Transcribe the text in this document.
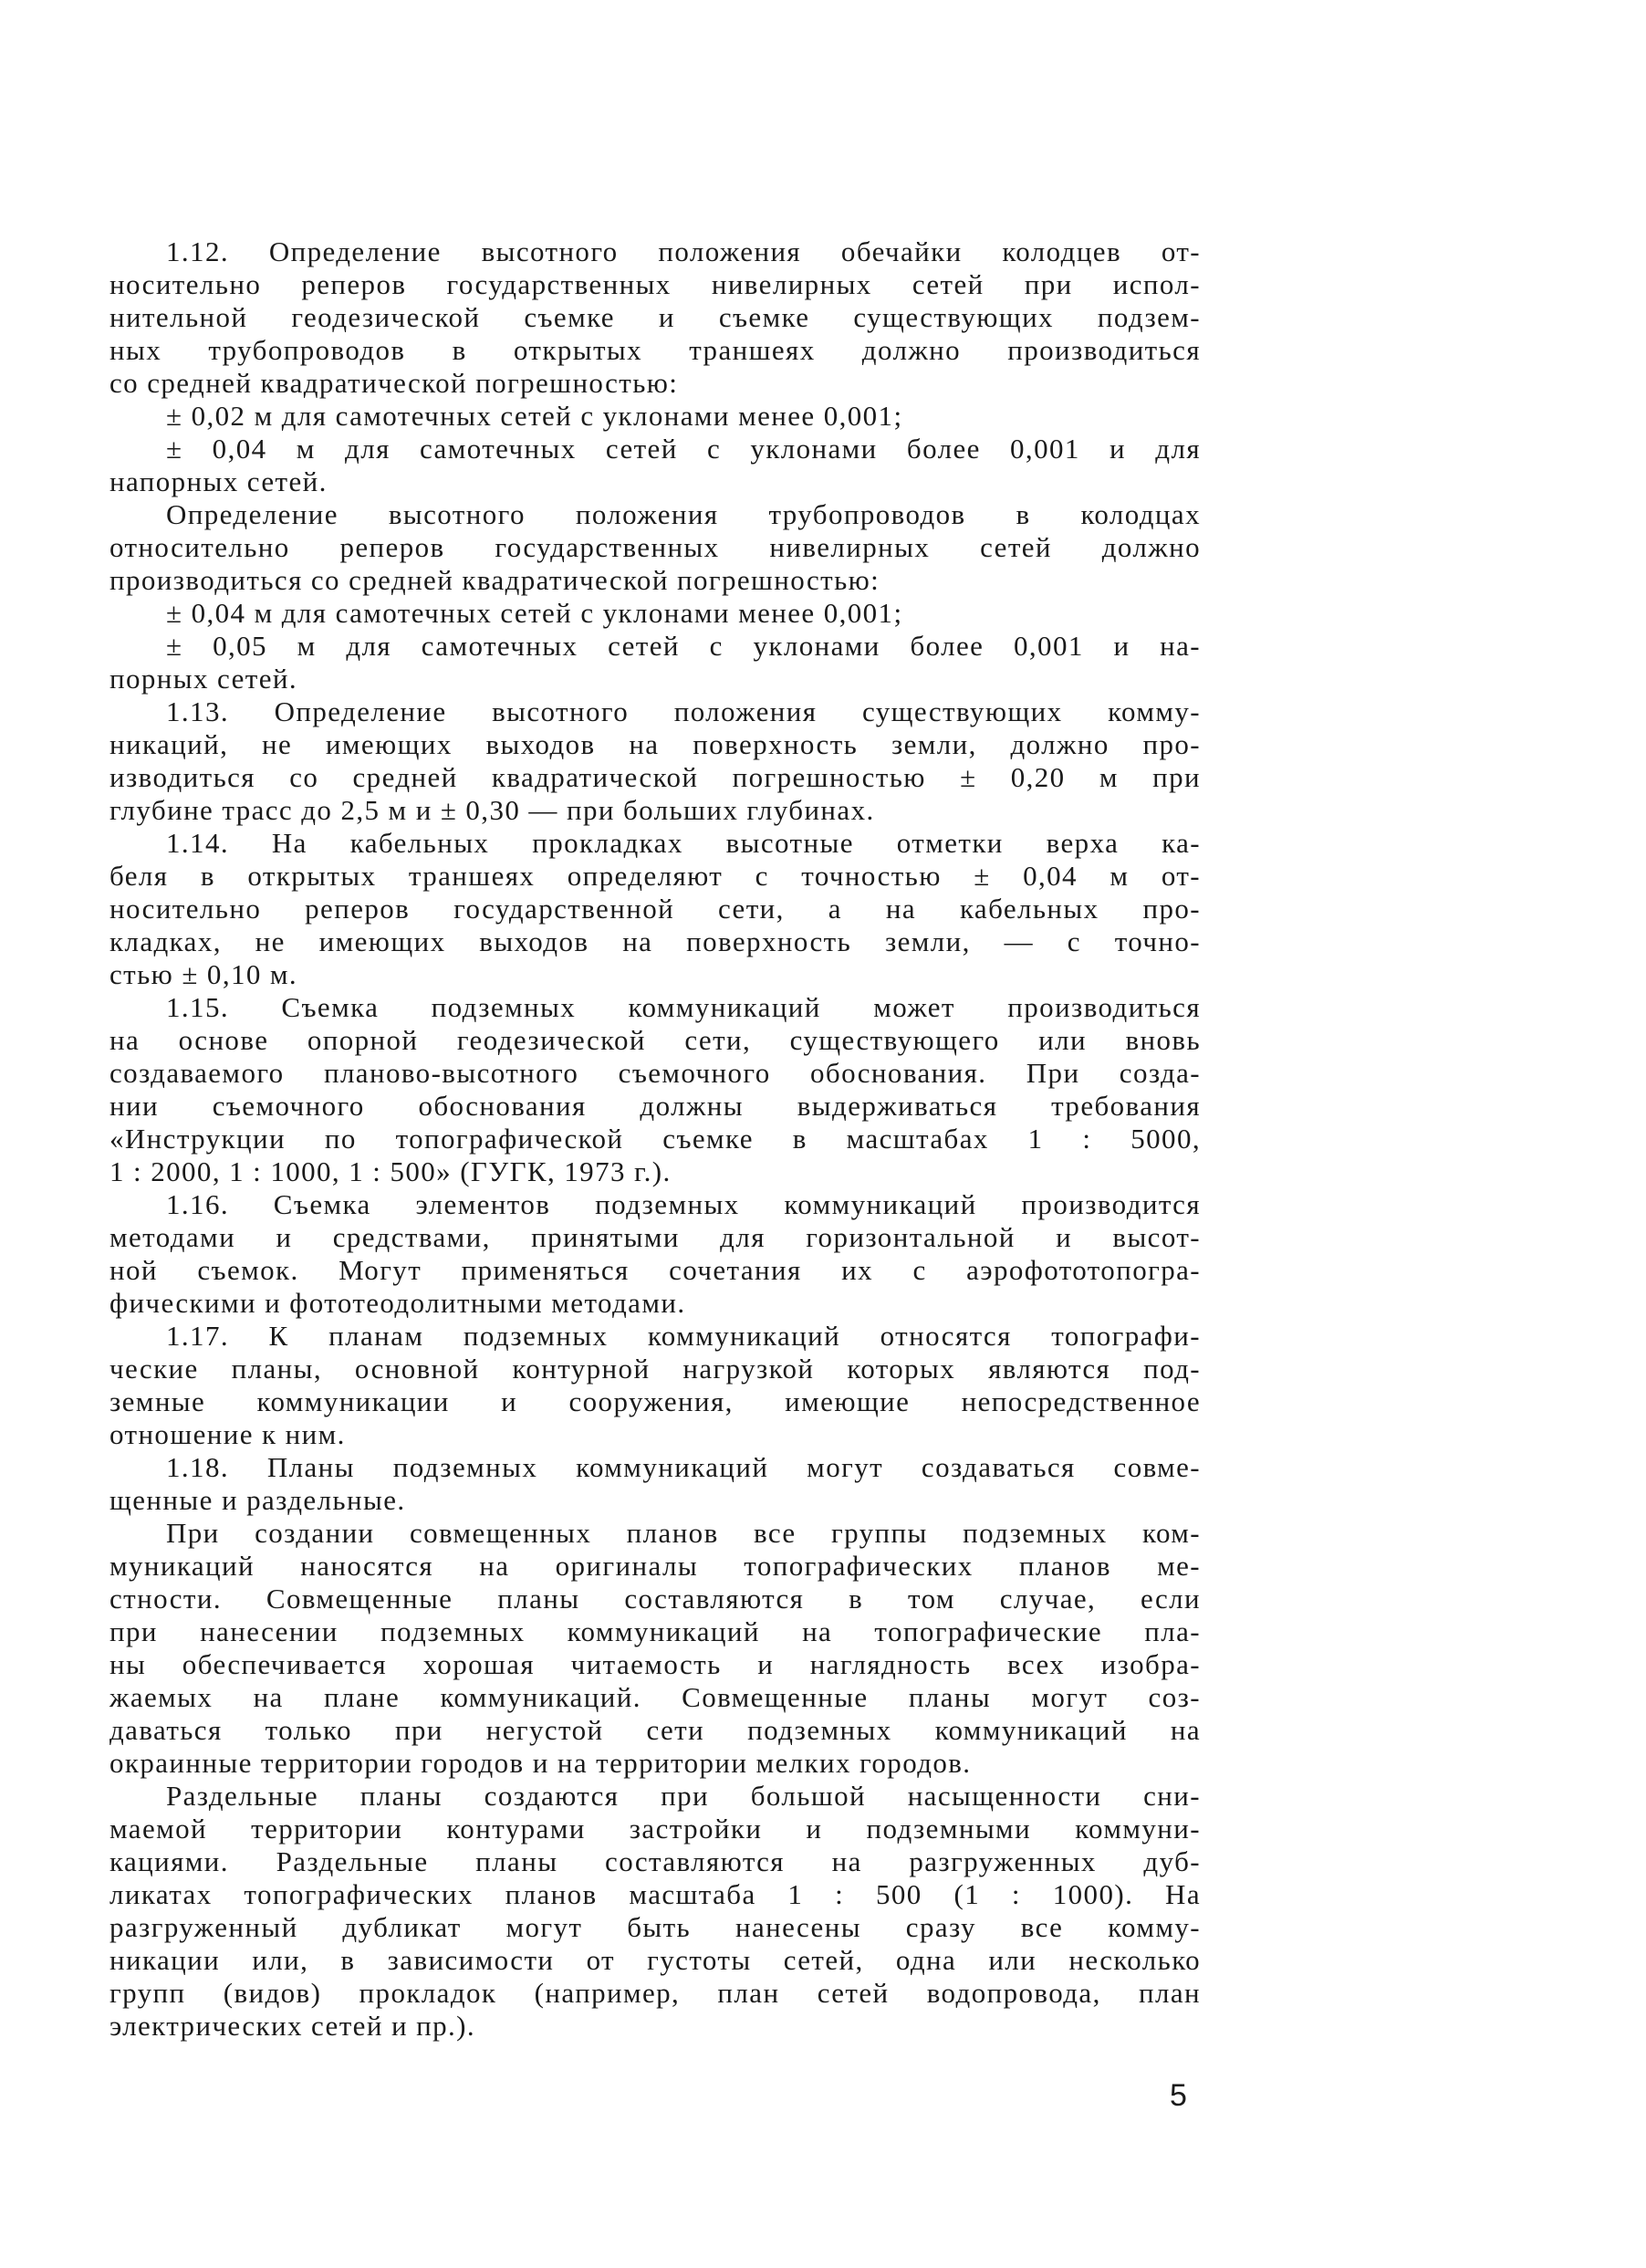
1.12. Определение высотного положения обечайки колодцев от-
носительно реперов государственных нивелирных сетей при испол-
нительной геодезической съемке и съемке существующих подзем-
ных трубопроводов в открытых траншеях должно производиться
со средней квадратической погрешностью:
± 0,02 м для самотечных сетей с уклонами менее 0,001;
± 0,04 м для самотечных сетей с уклонами более 0,001 и для
напорных сетей.
Определение высотного положения трубопроводов в колодцах
относительно реперов государственных нивелирных сетей должно
производиться со средней квадратической погрешностью:
± 0,04 м для самотечных сетей с уклонами менее 0,001;
± 0,05 м для самотечных сетей с уклонами более 0,001 и на-
порных сетей.
1.13. Определение высотного положения существующих комму-
никаций, не имеющих выходов на поверхность земли, должно про-
изводиться со средней квадратической погрешностью ± 0,20 м при
глубине трасс до 2,5 м и ± 0,30 — при больших глубинах.
1.14. На кабельных прокладках высотные отметки верха ка-
беля в открытых траншеях определяют с точностью ± 0,04 м от-
носительно реперов государственной сети, а на кабельных про-
кладках, не имеющих выходов на поверхность земли, — с точно-
стью ± 0,10 м.
1.15. Съемка подземных коммуникаций может производиться
на основе опорной геодезической сети, существующего или вновь
создаваемого планово-высотного съемочного обоснования. При созда-
нии съемочного обоснования должны выдерживаться требования
«Инструкции по топографической съемке в масштабах 1 : 5000,
1 : 2000, 1 : 1000, 1 : 500» (ГУГК, 1973 г.).
1.16. Съемка элементов подземных коммуникаций производится
методами и средствами, принятыми для горизонтальной и высот-
ной съемок. Могут применяться сочетания их с аэрофототопогра-
фическими и фототеодолитными методами.
1.17. К планам подземных коммуникаций относятся топографи-
ческие планы, основной контурной нагрузкой которых являются под-
земные коммуникации и сооружения, имеющие непосредственное
отношение к ним.
1.18. Планы подземных коммуникаций могут создаваться совме-
щенные и раздельные.
При создании совмещенных планов все группы подземных ком-
муникаций наносятся на оригиналы топографических планов ме-
стности. Совмещенные планы составляются в том случае, если
при нанесении подземных коммуникаций на топографические пла-
ны обеспечивается хорошая читаемость и наглядность всех изобра-
жаемых на плане коммуникаций. Совмещенные планы могут соз-
даваться только при негустой сети подземных коммуникаций на
окраинные территории городов и на территории мелких городов.
Раздельные планы создаются при большой насыщенности сни-
маемой территории контурами застройки и подземными коммуни-
кациями. Раздельные планы составляются на разгруженных дуб-
ликатах топографических планов масштаба 1 : 500 (1 : 1000). На
разгруженный дубликат могут быть нанесены сразу все комму-
никации или, в зависимости от густоты сетей, одна или несколько
групп (видов) прокладок (например, план сетей водопровода, план
электрических сетей и пр.).
5
